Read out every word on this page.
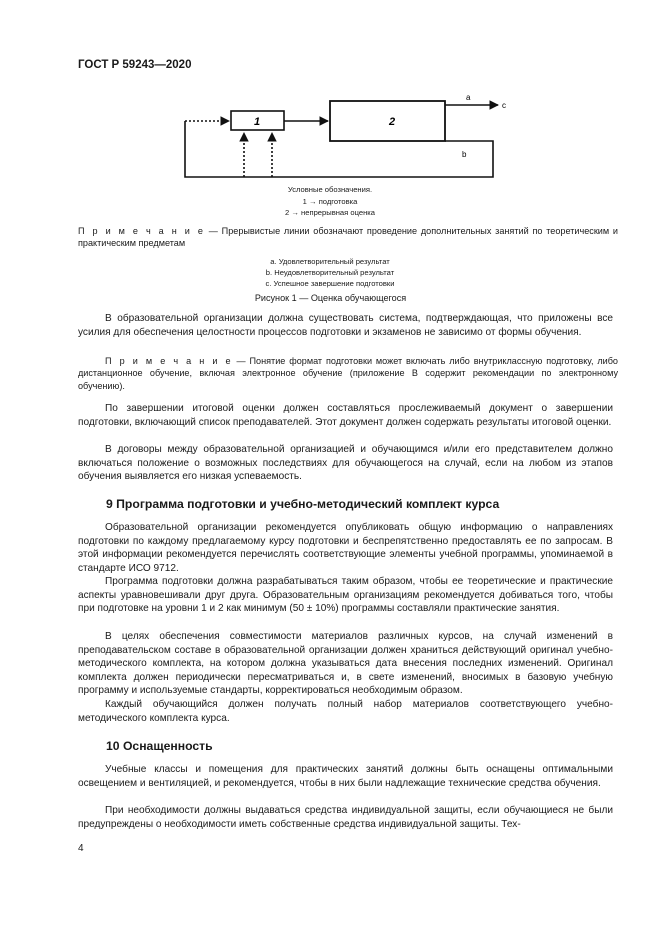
ГОСТ Р 59243—2020

1	2
a
c
b
Условные обозначения.
1 → подготовка
2 → непрерывная оценка
П р и м е ч а н и е — Прерывистые линии обозначают проведение дополнительных занятий по теоретическим и практическим предметам
a. Удовлетворительный результат
b. Неудовлетворительный результат
c. Успешное завершение подготовки
Рисунок 1 — Оценка обучающегося

В образовательной организации должна существовать система, подтверждающая, что приложены все усилия для обеспечения целостности процессов подготовки и экзаменов не зависимо от формы обучения.

П р и м е ч а н и е — Понятие формат подготовки может включать либо внутриклассную подготовку, либо дистанционное обучение, включая электронное обучение (приложение В содержит рекомендации по электронному обучению).

По завершении итоговой оценки должен составляться прослеживаемый документ о завершении подготовки, включающий список преподавателей. Этот документ должен содержать результаты итоговой оценки.

В договоры между образовательной организацией и обучающимся и/или его представителем должно включаться положение о возможных последствиях для обучающегося на случай, если на любом из этапов обучения выявляется его низкая успеваемость.

9 Программа подготовки и учебно-методический комплект курса

Образовательной организации рекомендуется опубликовать общую информацию о направлениях подготовки по каждому предлагаемому курсу подготовки и беспрепятственно предоставлять ее по запросам. В этой информации рекомендуется перечислять соответствующие элементы учебной программы, упоминаемой в стандарте ИСО 9712.

Программа подготовки должна разрабатываться таким образом, чтобы ее теоретические и практические аспекты уравновешивали друг друга. Образовательным организациям рекомендуется добиваться того, чтобы при подготовке на уровни 1 и 2 как минимум (50 ± 10%) программы составляли практические занятия.

В целях обеспечения совместимости материалов различных курсов, на случай изменений в преподавательском составе в образовательной организации должен храниться действующий оригинал учебно-методического комплекта, на котором должна указываться дата внесения последних изменений. Оригинал комплекта должен периодически пересматриваться и, в свете изменений, вносимых в базовую учебную программу и используемые стандарты, корректироваться необходимым образом.

Каждый обучающийся должен получать полный набор материалов соответствующего учебно-методического комплекта курса.

10 Оснащенность

Учебные классы и помещения для практических занятий должны быть оснащены оптимальными освещением и вентиляцией, и рекомендуется, чтобы в них были надлежащие технические средства обучения.

При необходимости должны выдаваться средства индивидуальной защиты, если обучающиеся не были предупреждены о необходимости иметь собственные средства индивидуальной защиты. Тех-

4
